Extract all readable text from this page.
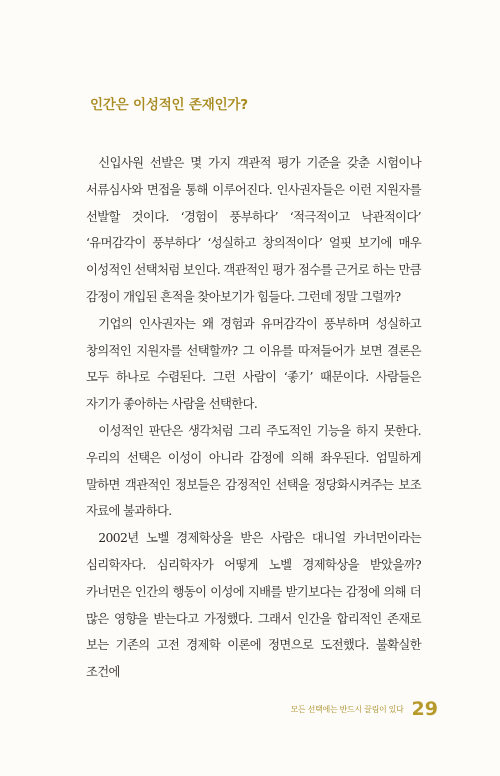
인간은 이성적인 존재인가?

신입사원 선발은 몇 가지 객관적 평가 기준을 갖춘 시험이나 서류심사와 면접을 통해 이루어진다. 인사권자들은 이런 지원자를 선발할 것이다. ‘경험이 풍부하다’ ‘적극적이고 낙관적이다’ ‘유머감각이 풍부하다’ ‘성실하고 창의적이다’ 얼핏 보기에 매우 이성적인 선택처럼 보인다. 객관적인 평가 점수를 근거로 하는 만큼 감정이 개입된 흔적을 찾아보기가 힘들다. 그런데 정말 그럴까?

기업의 인사권자는 왜 경험과 유머감각이 풍부하며 성실하고 창의적인 지원자를 선택할까? 그 이유를 따져들어가 보면 결론은 모두 하나로 수렴된다. 그런 사람이 ‘좋기’ 때문이다. 사람들은 자기가 좋아하는 사람을 선택한다.

이성적인 판단은 생각처럼 그리 주도적인 기능을 하지 못한다. 우리의 선택은 이성이 아니라 감정에 의해 좌우된다. 엄밀하게 말하면 객관적인 정보들은 감정적인 선택을 정당화시켜주는 보조 자료에 불과하다.

2002년 노벨 경제학상을 받은 사람은 대니얼 카너먼이라는 심리학자다. 심리학자가 어떻게 노벨 경제학상을 받았을까? 카너먼은 인간의 행동이 이성에 지배를 받기보다는 감정에 의해 더 많은 영향을 받는다고 가정했다. 그래서 인간을 합리적인 존재로 보는 기존의 고전 경제학 이론에 정면으로 도전했다. 불확실한 조건에

모든 선택에는 반드시 끌림이 있다 29
